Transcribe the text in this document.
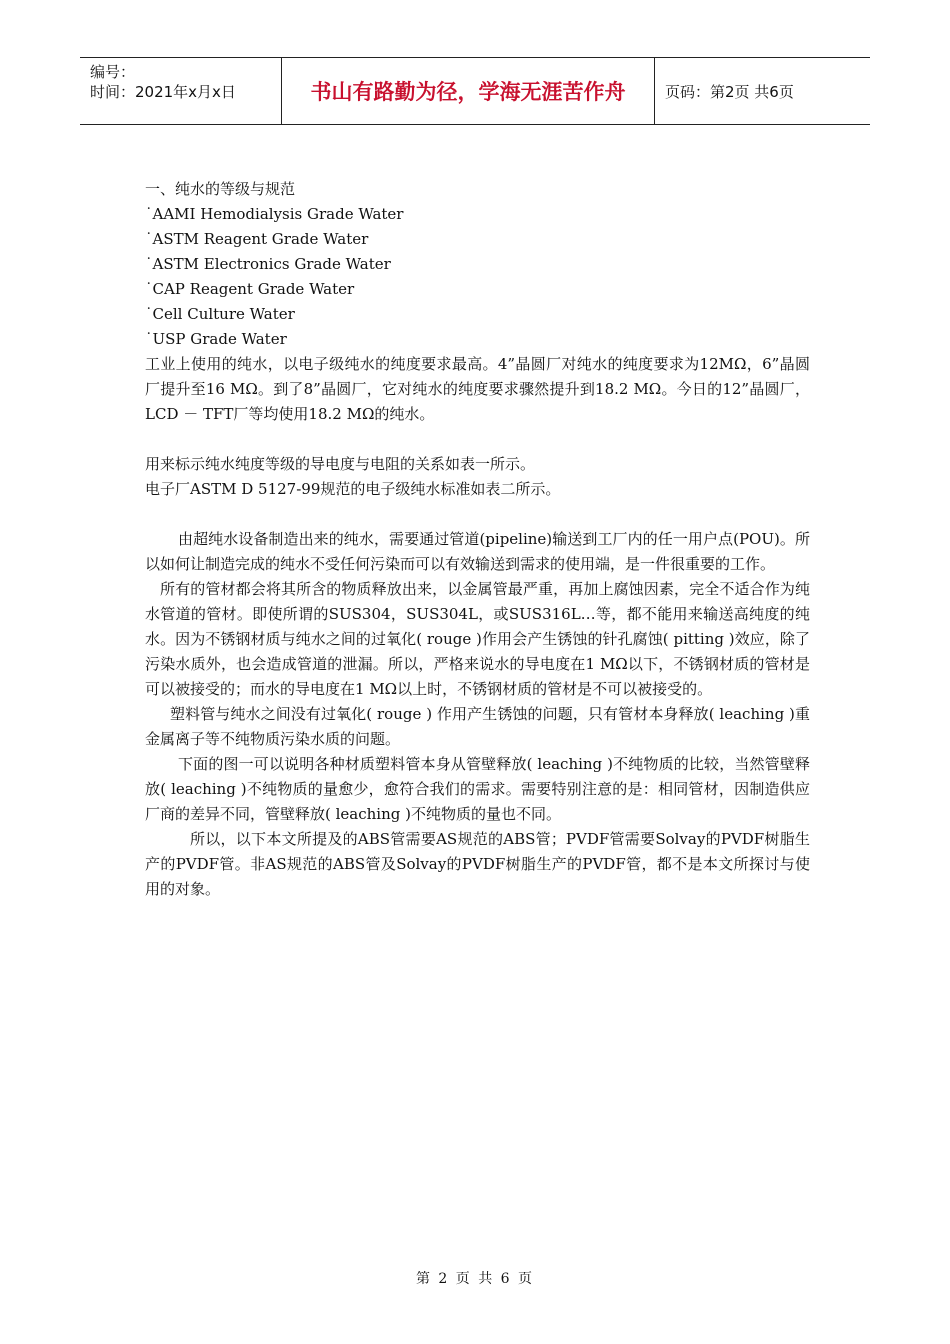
编号：
时间：2021年x月x日	书山有路勤为径，学海无涯苦作舟	页码：第2页 共6页

一、纯水的等级与规范

˙AAMI Hemodialysis Grade Water

˙ASTM Reagent Grade Water

˙ASTM Electronics Grade Water

˙CAP Reagent Grade Water

˙Cell Culture Water

˙USP Grade Water

工业上使用的纯水，以电子级纯水的纯度要求最高。4”晶圆厂对纯水的纯度要求为12MΩ，6”晶圆厂提升至16 MΩ。到了8”晶圆厂，它对纯水的纯度要求骤然提升到18.2 MΩ。今日的12”晶圆厂，LCD － TFT厂等均使用18.2 MΩ的纯水。

用来标示纯水纯度等级的导电度与电阻的关系如表一所示。

电子厂ASTM D 5127-99规范的电子级纯水标准如表二所示。

由超纯水设备制造出来的纯水，需要通过管道(pipeline)输送到工厂内的任一用户点(POU)。所以如何让制造完成的纯水不受任何污染而可以有效输送到需求的使用端，是一件很重要的工作。

所有的管材都会将其所含的物质释放出来，以金属管最严重，再加上腐蚀因素，完全不适合作为纯水管道的管材。即使所谓的SUS304，SUS304L，或SUS316L…等，都不能用来输送高纯度的纯水。因为不锈钢材质与纯水之间的过氧化( rouge )作用会产生锈蚀的针孔腐蚀( pitting )效应，除了污染水质外，也会造成管道的泄漏。所以，严格来说水的导电度在1 MΩ以下，不锈钢材质的管材是可以被接受的；而水的导电度在1 MΩ以上时，不锈钢材质的管材是不可以被接受的。

塑料管与纯水之间没有过氧化( rouge ) 作用产生锈蚀的问题，只有管材本身释放( leaching )重金属离子等不纯物质污染水质的问题。

下面的图一可以说明各种材质塑料管本身从管壁释放( leaching )不纯物质的比较，当然管壁释放( leaching )不纯物质的量愈少，愈符合我们的需求。需要特别注意的是：相同管材，因制造供应厂商的差异不同，管壁释放( leaching )不纯物质的量也不同。

所以，以下本文所提及的ABS管需要AS规范的ABS管；PVDF管需要Solvay的PVDF树脂生产的PVDF管。非AS规范的ABS管及Solvay的PVDF树脂生产的PVDF管，都不是本文所探讨与使用的对象。

第 2 页 共 6 页
